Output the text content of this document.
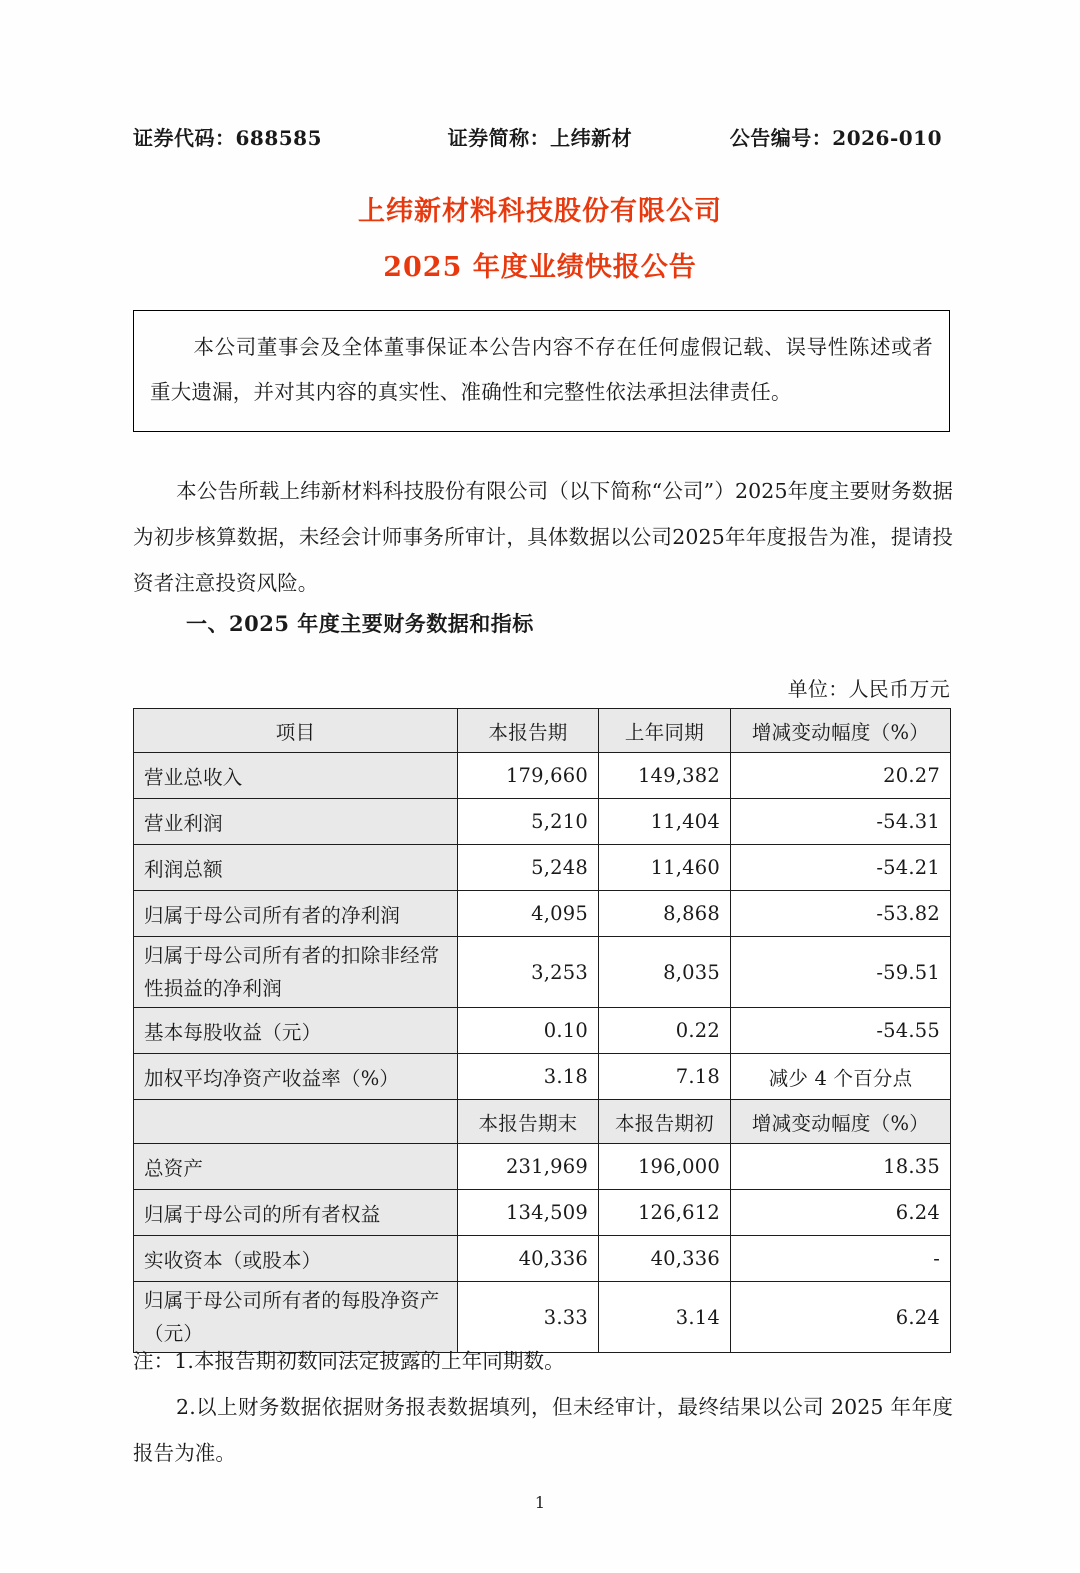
证券代码：688585	证券简称：上纬新材	公告编号：2026-010
上纬新材料科技股份有限公司
2025 年度业绩快报公告
本公司董事会及全体董事保证本公告内容不存在任何虚假记载、误导性陈述或者重大遗漏，并对其内容的真实性、准确性和完整性依法承担法律责任。
本公告所载上纬新材料科技股份有限公司（以下简称“公司”）2025年度主要财务数据为初步核算数据，未经会计师事务所审计，具体数据以公司2025年年度报告为准，提请投资者注意投资风险。
一、2025 年度主要财务数据和指标
单位：人民币万元
项目	本报告期	上年同期	增减变动幅度（%）
营业总收入	179,660	149,382	20.27
营业利润	5,210	11,404	-54.31
利润总额	5,248	11,460	-54.21
归属于母公司所有者的净利润	4,095	8,868	-53.82
归属于母公司所有者的扣除非经常性损益的净利润	3,253	8,035	-59.51
基本每股收益（元）	0.10	0.22	-54.55
加权平均净资产收益率（%）	3.18	7.18	减少 4 个百分点
	本报告期末	本报告期初	增减变动幅度（%）
总资产	231,969	196,000	18.35
归属于母公司的所有者权益	134,509	126,612	6.24
实收资本（或股本）	40,336	40,336	-
归属于母公司所有者的每股净资产（元）	3.33	3.14	6.24
注：1.本报告期初数同法定披露的上年同期数。
2.以上财务数据依据财务报表数据填列，但未经审计，最终结果以公司 2025 年年度报告为准。
1
